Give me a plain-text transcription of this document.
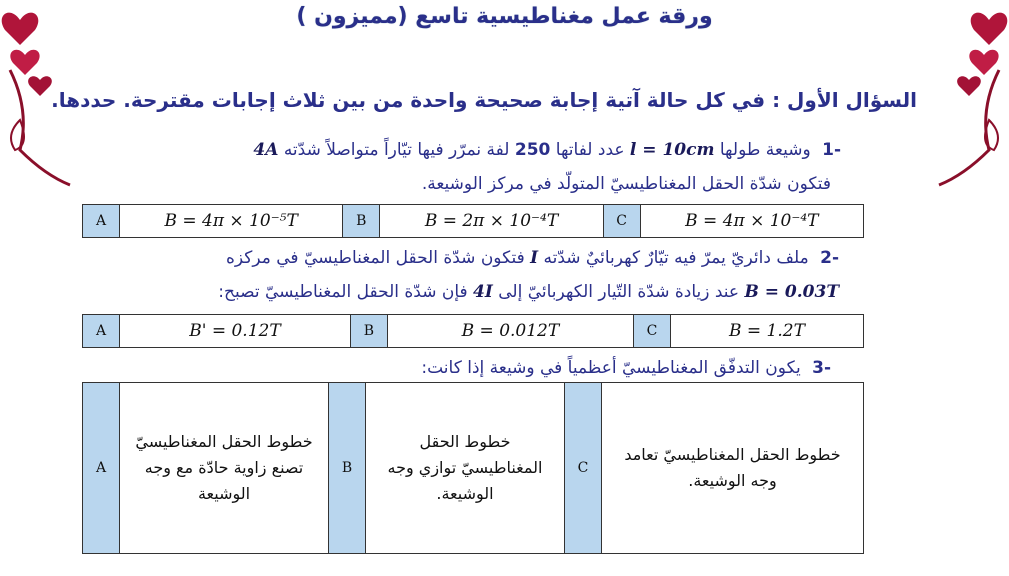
ورقة عمل مغناطيسية تاسع (مميزون )
السؤال الأول : في كل حالة آتية إجابة صحيحة واحدة من بين ثلاث إجابات مقترحة. حددها.
-1 وشيعة طولها l = 10cm عدد لفاتها 250 لفة نمرّر فيها تيّاراً متواصلاً شدّته 4A
فتكون شدّة الحقل المغناطيسيّ المتولّد في مركز الوشيعة.
A	B = 4π × 10⁻⁵T	B	B = 2π × 10⁻⁴T	C	B = 4π × 10⁻⁴T
-2 ملف دائريّ يمرّ فيه تيّارٌ كهربائيٌ شدّته I فتكون شدّة الحقل المغناطيسيّ في مركزه
B = 0.03T عند زيادة شدّة التّيار الكهربائيّ إلى 4I فإن شدّة الحقل المغناطيسيّ تصبح:
A	B' = 0.12T	B	B = 0.012T	C	B = 1.2T
-3 يكون التدفّق المغناطيسيّ أعظمياً في وشيعة إذا كانت:
A	خطوط الحقل المغناطيسيّ تصنع زاوية حادّة مع وجه الوشيعة	B	خطوط الحقل المغناطيسيّ توازي وجه الوشيعة.	C	خطوط الحقل المغناطيسيّ تعامد وجه الوشيعة.
